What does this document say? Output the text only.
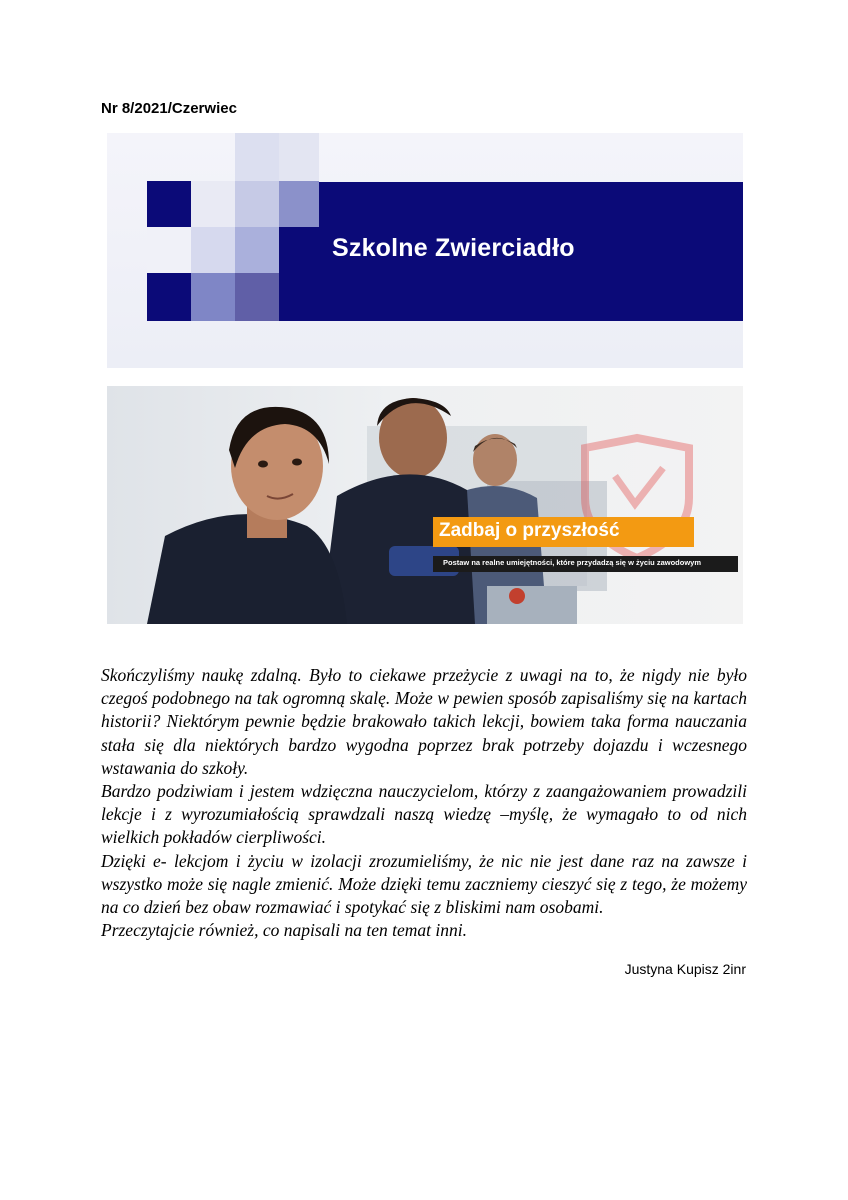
Nr 8/2021/Czerwiec
Szkolne Zwierciadło
Zadbaj o przyszłość
Postaw na realne umiejętności, które przydadzą się w życiu zawodowym

Skończyliśmy naukę zdalną. Było to ciekawe przeżycie z uwagi na to, że nigdy nie było czegoś podobnego na tak ogromną skalę. Może w pewien sposób zapisaliśmy się na kartach historii? Niektórym pewnie będzie brakowało takich lekcji, bowiem taka forma nauczania stała się dla niektórych bardzo wygodna poprzez brak potrzeby dojazdu i wczesnego wstawania do szkoły.

Bardzo podziwiam i jestem wdzięczna nauczycielom, którzy z zaangażowaniem prowadzili lekcje i z wyrozumiałością sprawdzali naszą wiedzę –myślę, że wymagało to od nich wielkich pokładów cierpliwości.

Dzięki e- lekcjom i życiu w izolacji zrozumieliśmy, że nic nie jest dane raz na zawsze i wszystko może się nagle zmienić. Może dzięki temu zaczniemy cieszyć się z tego, że możemy na co dzień bez obaw rozmawiać i spotykać się z bliskimi nam osobami.

Przeczytajcie również, co napisali na ten temat inni.

Justyna Kupisz 2inr
